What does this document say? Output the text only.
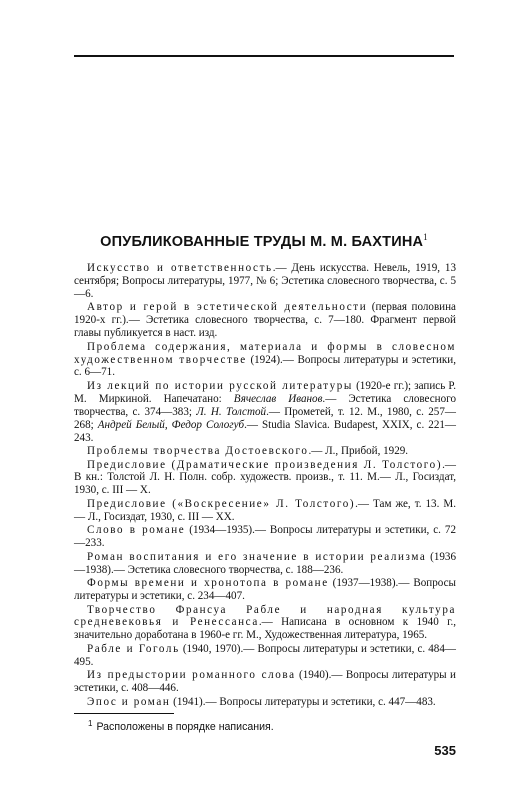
ОПУБЛИКОВАННЫЕ ТРУДЫ М. М. БАХТИНА$^1$

Искусство и ответственность.— День искусства. Невель, 1919, 13 сентября; Вопросы литературы, 1977, № 6; Эстетика словесного творчества, с. 5—6.

Автор и герой в эстетической деятельности (первая половина 1920-х гг.).— Эстетика словесного творчества, с. 7—180. Фрагмент первой главы публикуется в наст. изд.

Проблема содержания, материала и формы в словесном художественном творчестве (1924).— Вопросы литературы и эстетики, с. 6—71.

Из лекций по истории русской литературы (1920-е гг.); запись Р. М. Миркиной. Напечатано: Вячеслав Иванов.— Эстетика словесного творчества, с. 374—383; Л. Н. Толстой.— Прометей, т. 12. М., 1980, с. 257—268; Андрей Белый, Федор Сологуб.— Studia Slavica. Budapest, XXIX, с. 221—243.

Проблемы творчества Достоевского.— Л., Прибой, 1929.

Предисловие (Драматические произведения Л. Толстого).— В кн.: Толстой Л. Н. Полн. собр. художеств. произв., т. 11. М.— Л., Госиздат, 1930, с. III — X.

Предисловие («Воскресение» Л. Толстого).— Там же, т. 13. М.— Л., Госиздат, 1930, с. III — XX.

Слово в романе (1934—1935).— Вопросы литературы и эстетики, с. 72—233.

Роман воспитания и его значение в истории реализма (1936—1938).— Эстетика словесного творчества, с. 188—236.

Формы времени и хронотопа в романе (1937—1938).— Вопросы литературы и эстетики, с. 234—407.

Творчество Франсуа Рабле и народная культура средневековья и Ренессанса.— Написана в основном к 1940 г., значительно доработана в 1960-е гг. М., Художественная литература, 1965.

Рабле и Гоголь (1940, 1970).— Вопросы литературы и эстетики, с. 484—495.

Из предыстории романного слова (1940).— Вопросы литературы и эстетики, с. 408—446.

Эпос и роман (1941).— Вопросы литературы и эстетики, с. 447—483.

$^1$ Расположены в порядке написания.
535
